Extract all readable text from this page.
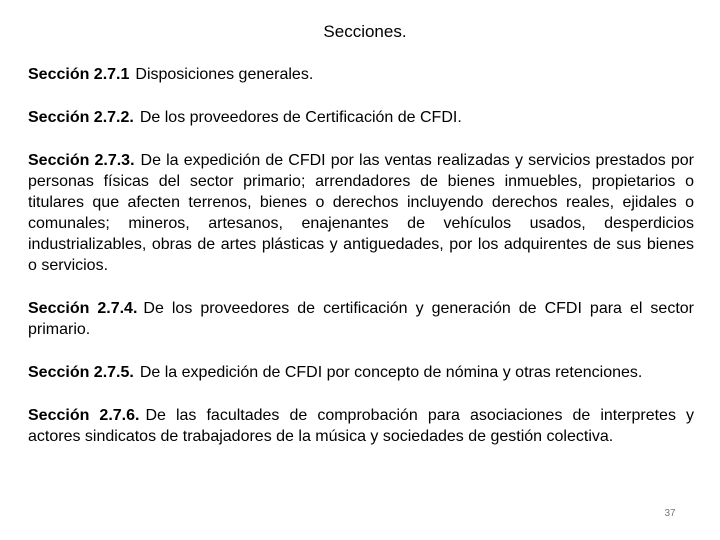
Secciones.

Sección 2.7.1 Disposiciones generales.

Sección 2.7.2. De los proveedores de Certificación de CFDI.

Sección 2.7.3. De la expedición de CFDI por las ventas realizadas y servicios prestados por personas físicas del sector primario; arrendadores de bienes inmuebles, propietarios o titulares que afecten terrenos, bienes o derechos incluyendo derechos reales, ejidales o comunales; mineros, artesanos, enajenantes de vehículos usados, desperdicios industrializables, obras de artes plásticas y antiguedades, por los adquirentes de sus bienes o servicios.

Sección 2.7.4. De los proveedores de certificación y generación de CFDI para el sector primario.

Sección 2.7.5. De la expedición de CFDI por concepto de nómina y otras retenciones.

Sección 2.7.6. De las facultades de comprobación para asociaciones de interpretes y actores sindicatos de trabajadores de la música y sociedades de gestión colectiva.

37
